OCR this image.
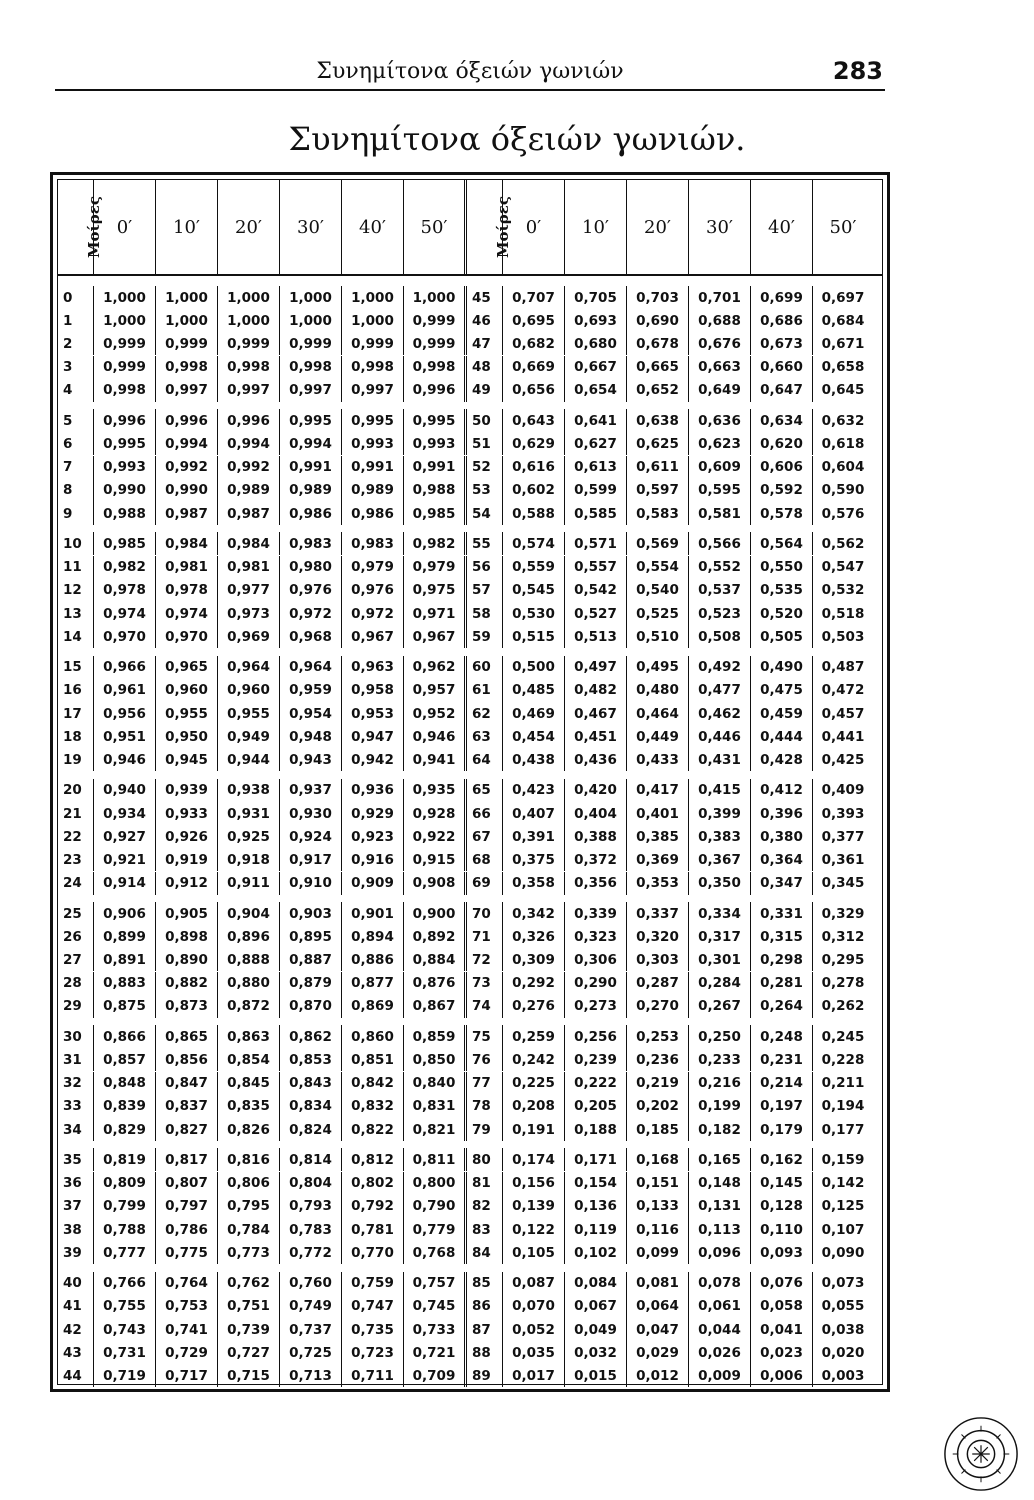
Συνημίτονα όξειών γωνιών	283
Συνημίτονα όξειών γωνιών.
Μοίρες 0′	10′	20′	30′	40′	50′	Μοίρες 0′	10′	20′	30′	40′	50′
0	1,000	1,000	1,000	1,000	1,000	1,000	45	0,707	0,705	0,703	0,701	0,699	0,697
1	1,000	1,000	1,000	1,000	1,000	0,999	46	0,695	0,693	0,690	0,688	0,686	0,684
2	0,999	0,999	0,999	0,999	0,999	0,999	47	0,682	0,680	0,678	0,676	0,673	0,671
3	0,999	0,998	0,998	0,998	0,998	0,998	48	0,669	0,667	0,665	0,663	0,660	0,658
4	0,998	0,997	0,997	0,997	0,997	0,996	49	0,656	0,654	0,652	0,649	0,647	0,645
5	0,996	0,996	0,996	0,995	0,995	0,995	50	0,643	0,641	0,638	0,636	0,634	0,632
6	0,995	0,994	0,994	0,994	0,993	0,993	51	0,629	0,627	0,625	0,623	0,620	0,618
7	0,993	0,992	0,992	0,991	0,991	0,991	52	0,616	0,613	0,611	0,609	0,606	0,604
8	0,990	0,990	0,989	0,989	0,989	0,988	53	0,602	0,599	0,597	0,595	0,592	0,590
9	0,988	0,987	0,987	0,986	0,986	0,985	54	0,588	0,585	0,583	0,581	0,578	0,576
10	0,985	0,984	0,984	0,983	0,983	0,982	55	0,574	0,571	0,569	0,566	0,564	0,562
11	0,982	0,981	0,981	0,980	0,979	0,979	56	0,559	0,557	0,554	0,552	0,550	0,547
12	0,978	0,978	0,977	0,976	0,976	0,975	57	0,545	0,542	0,540	0,537	0,535	0,532
13	0,974	0,974	0,973	0,972	0,972	0,971	58	0,530	0,527	0,525	0,523	0,520	0,518
14	0,970	0,970	0,969	0,968	0,967	0,967	59	0,515	0,513	0,510	0,508	0,505	0,503
15	0,966	0,965	0,964	0,964	0,963	0,962	60	0,500	0,497	0,495	0,492	0,490	0,487
16	0,961	0,960	0,960	0,959	0,958	0,957	61	0,485	0,482	0,480	0,477	0,475	0,472
17	0,956	0,955	0,955	0,954	0,953	0,952	62	0,469	0,467	0,464	0,462	0,459	0,457
18	0,951	0,950	0,949	0,948	0,947	0,946	63	0,454	0,451	0,449	0,446	0,444	0,441
19	0,946	0,945	0,944	0,943	0,942	0,941	64	0,438	0,436	0,433	0,431	0,428	0,425
20	0,940	0,939	0,938	0,937	0,936	0,935	65	0,423	0,420	0,417	0,415	0,412	0,409
21	0,934	0,933	0,931	0,930	0,929	0,928	66	0,407	0,404	0,401	0,399	0,396	0,393
22	0,927	0,926	0,925	0,924	0,923	0,922	67	0,391	0,388	0,385	0,383	0,380	0,377
23	0,921	0,919	0,918	0,917	0,916	0,915	68	0,375	0,372	0,369	0,367	0,364	0,361
24	0,914	0,912	0,911	0,910	0,909	0,908	69	0,358	0,356	0,353	0,350	0,347	0,345
25	0,906	0,905	0,904	0,903	0,901	0,900	70	0,342	0,339	0,337	0,334	0,331	0,329
26	0,899	0,898	0,896	0,895	0,894	0,892	71	0,326	0,323	0,320	0,317	0,315	0,312
27	0,891	0,890	0,888	0,887	0,886	0,884	72	0,309	0,306	0,303	0,301	0,298	0,295
28	0,883	0,882	0,880	0,879	0,877	0,876	73	0,292	0,290	0,287	0,284	0,281	0,278
29	0,875	0,873	0,872	0,870	0,869	0,867	74	0,276	0,273	0,270	0,267	0,264	0,262
30	0,866	0,865	0,863	0,862	0,860	0,859	75	0,259	0,256	0,253	0,250	0,248	0,245
31	0,857	0,856	0,854	0,853	0,851	0,850	76	0,242	0,239	0,236	0,233	0,231	0,228
32	0,848	0,847	0,845	0,843	0,842	0,840	77	0,225	0,222	0,219	0,216	0,214	0,211
33	0,839	0,837	0,835	0,834	0,832	0,831	78	0,208	0,205	0,202	0,199	0,197	0,194
34	0,829	0,827	0,826	0,824	0,822	0,821	79	0,191	0,188	0,185	0,182	0,179	0,177
35	0,819	0,817	0,816	0,814	0,812	0,811	80	0,174	0,171	0,168	0,165	0,162	0,159
36	0,809	0,807	0,806	0,804	0,802	0,800	81	0,156	0,154	0,151	0,148	0,145	0,142
37	0,799	0,797	0,795	0,793	0,792	0,790	82	0,139	0,136	0,133	0,131	0,128	0,125
38	0,788	0,786	0,784	0,783	0,781	0,779	83	0,122	0,119	0,116	0,113	0,110	0,107
39	0,777	0,775	0,773	0,772	0,770	0,768	84	0,105	0,102	0,099	0,096	0,093	0,090
40	0,766	0,764	0,762	0,760	0,759	0,757	85	0,087	0,084	0,081	0,078	0,076	0,073
41	0,755	0,753	0,751	0,749	0,747	0,745	86	0,070	0,067	0,064	0,061	0,058	0,055
42	0,743	0,741	0,739	0,737	0,735	0,733	87	0,052	0,049	0,047	0,044	0,041	0,038
43	0,731	0,729	0,727	0,725	0,723	0,721	88	0,035	0,032	0,029	0,026	0,023	0,020
44	0,719	0,717	0,715	0,713	0,711	0,709	89	0,017	0,015	0,012	0,009	0,006	0,003
